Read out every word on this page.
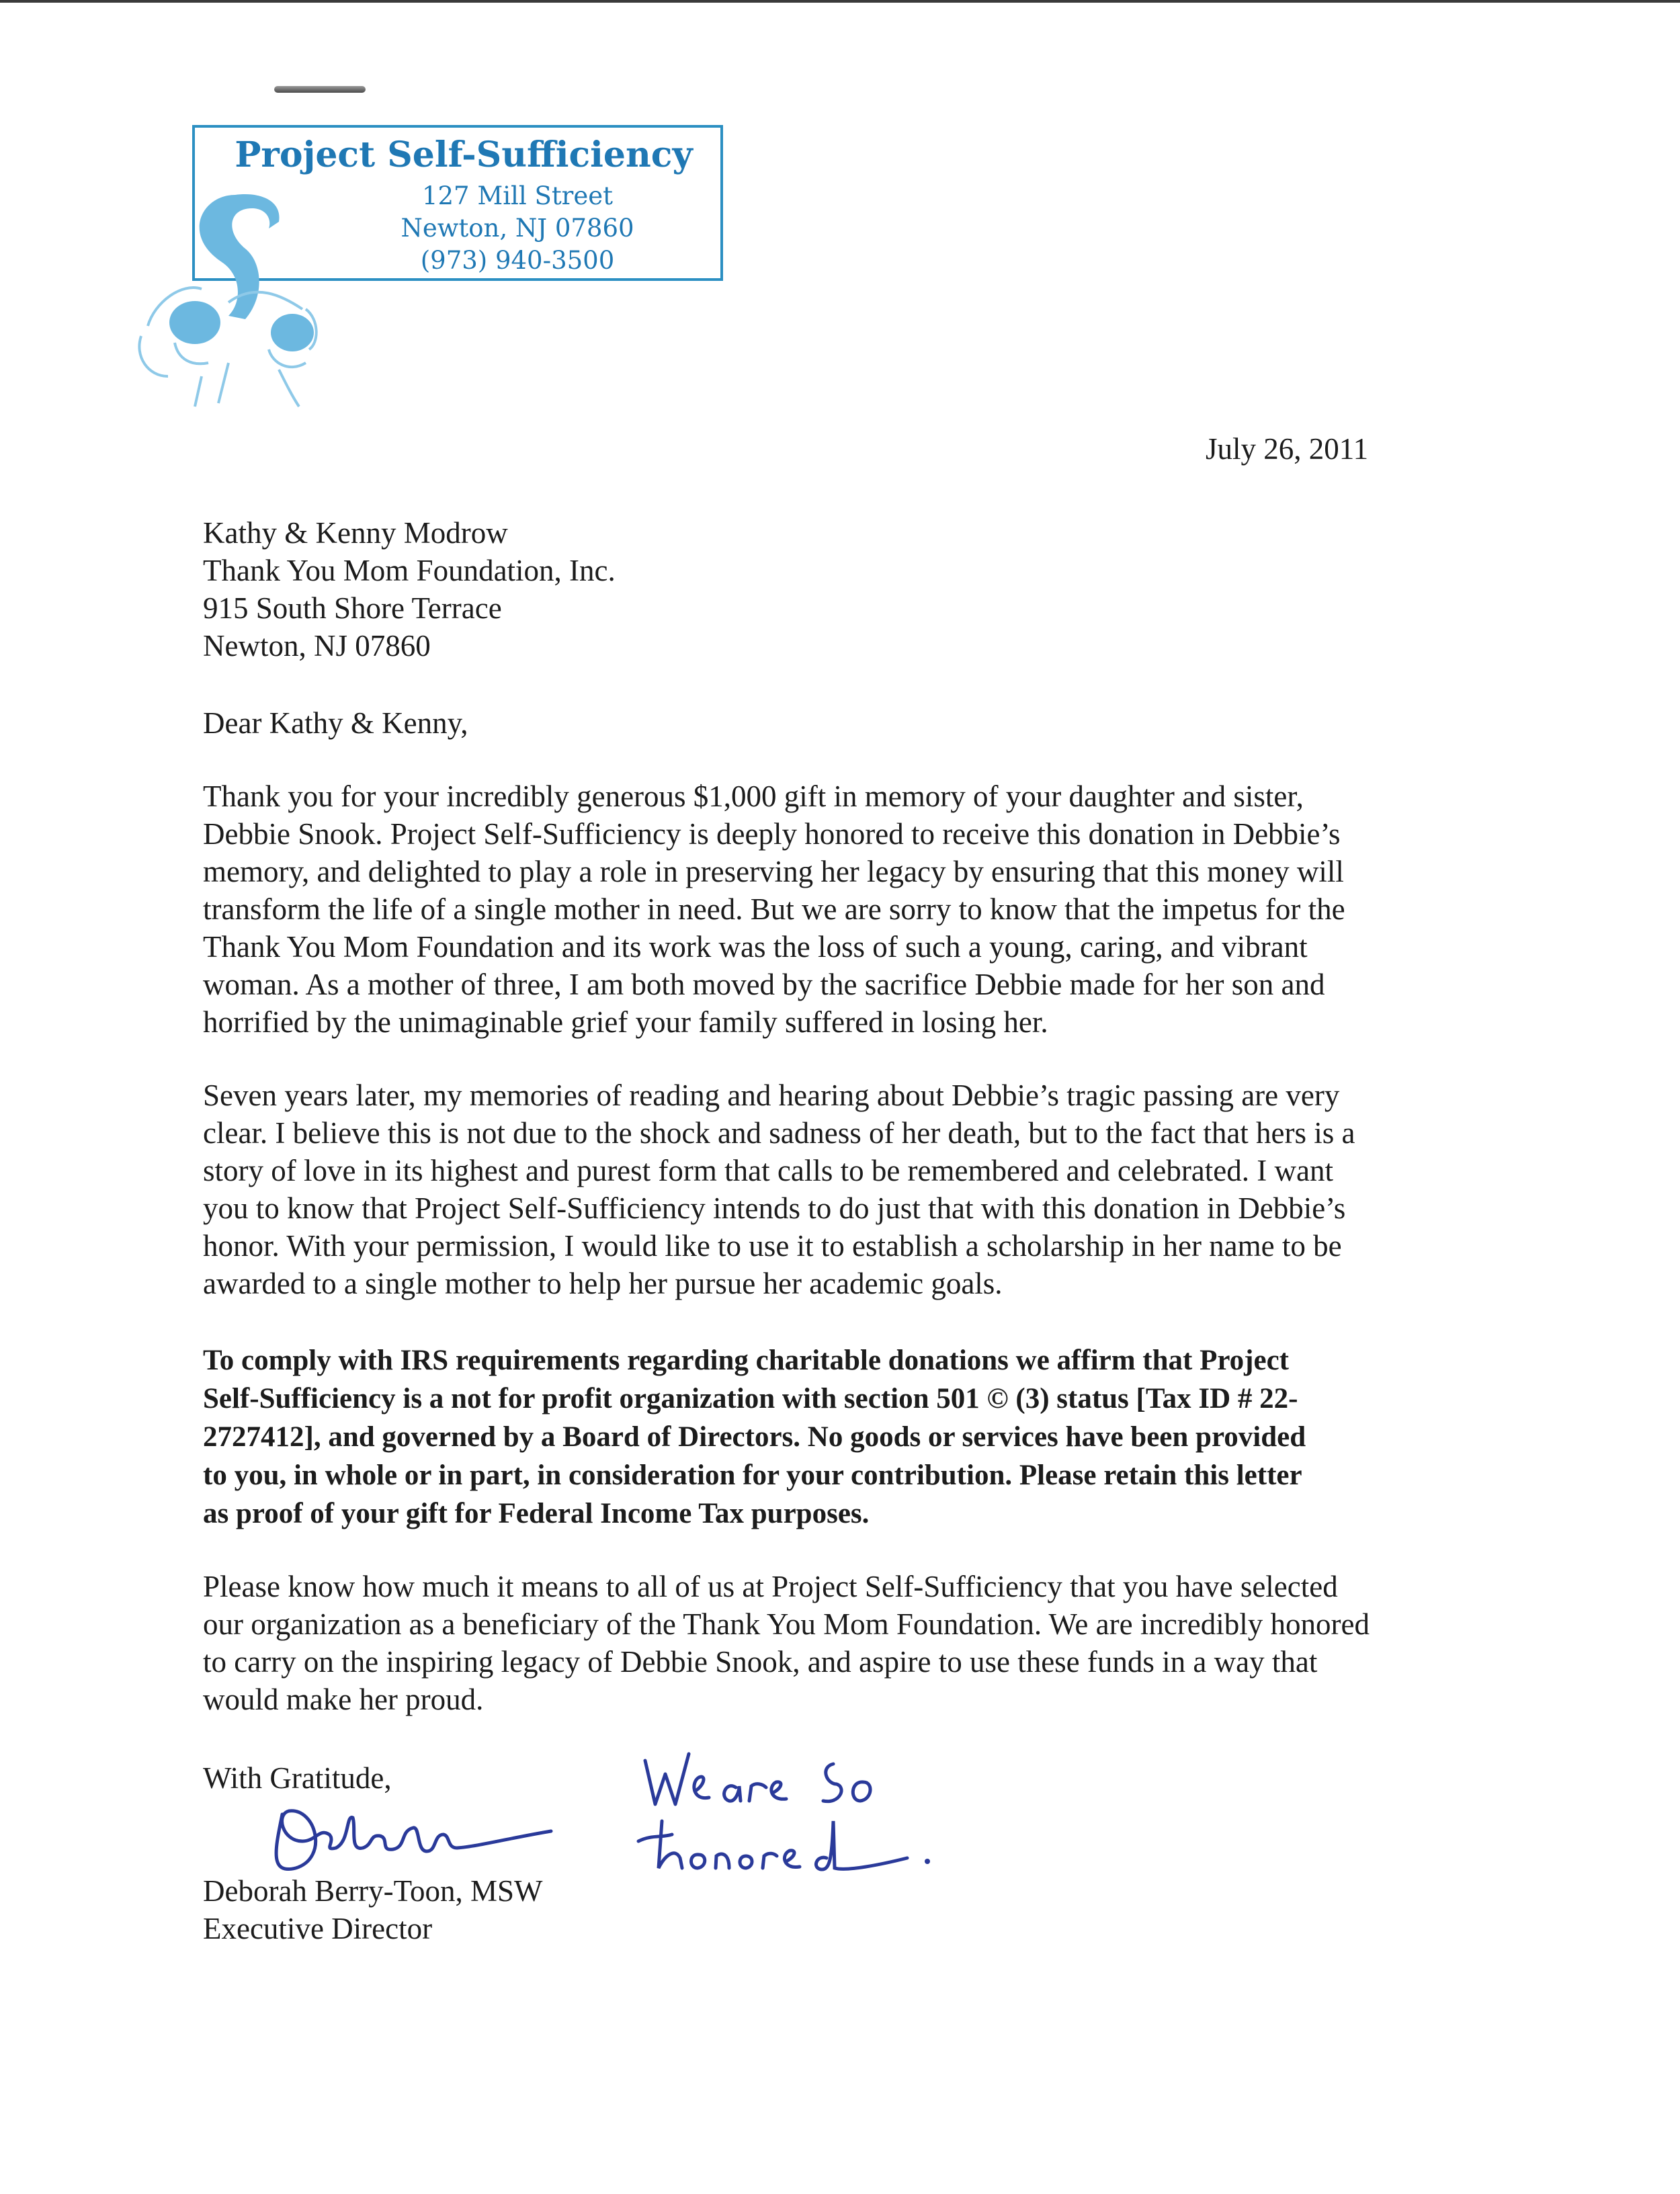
Project Self-Sufficiency
127 Mill Street
Newton, NJ 07860
(973) 940-3500
July 26, 2011
Kathy & Kenny Modrow
Thank You Mom Foundation, Inc.
915 South Shore Terrace
Newton, NJ 07860
Dear Kathy & Kenny,
Thank you for your incredibly generous $1,000 gift in memory of your daughter and sister,
Debbie Snook. Project Self-Sufficiency is deeply honored to receive this donation in Debbie’s
memory, and delighted to play a role in preserving her legacy by ensuring that this money will
transform the life of a single mother in need. But we are sorry to know that the impetus for the
Thank You Mom Foundation and its work was the loss of such a young, caring, and vibrant
woman. As a mother of three, I am both moved by the sacrifice Debbie made for her son and
horrified by the unimaginable grief your family suffered in losing her.
Seven years later, my memories of reading and hearing about Debbie’s tragic passing are very
clear. I believe this is not due to the shock and sadness of her death, but to the fact that hers is a
story of love in its highest and purest form that calls to be remembered and celebrated. I want
you to know that Project Self-Sufficiency intends to do just that with this donation in Debbie’s
honor. With your permission, I would like to use it to establish a scholarship in her name to be
awarded to a single mother to help her pursue her academic goals.
To comply with IRS requirements regarding charitable donations we affirm that Project
Self-Sufficiency is a not for profit organization with section 501 © (3) status [Tax ID # 22-
2727412], and governed by a Board of Directors. No goods or services have been provided
to you, in whole or in part, in consideration for your contribution. Please retain this letter
as proof of your gift for Federal Income Tax purposes.
Please know how much it means to all of us at Project Self-Sufficiency that you have selected
our organization as a beneficiary of the Thank You Mom Foundation. We are incredibly honored
to carry on the inspiring legacy of Debbie Snook, and aspire to use these funds in a way that
would make her proud.
With Gratitude,
Deborah Berry-Toon, MSW
Executive Director
